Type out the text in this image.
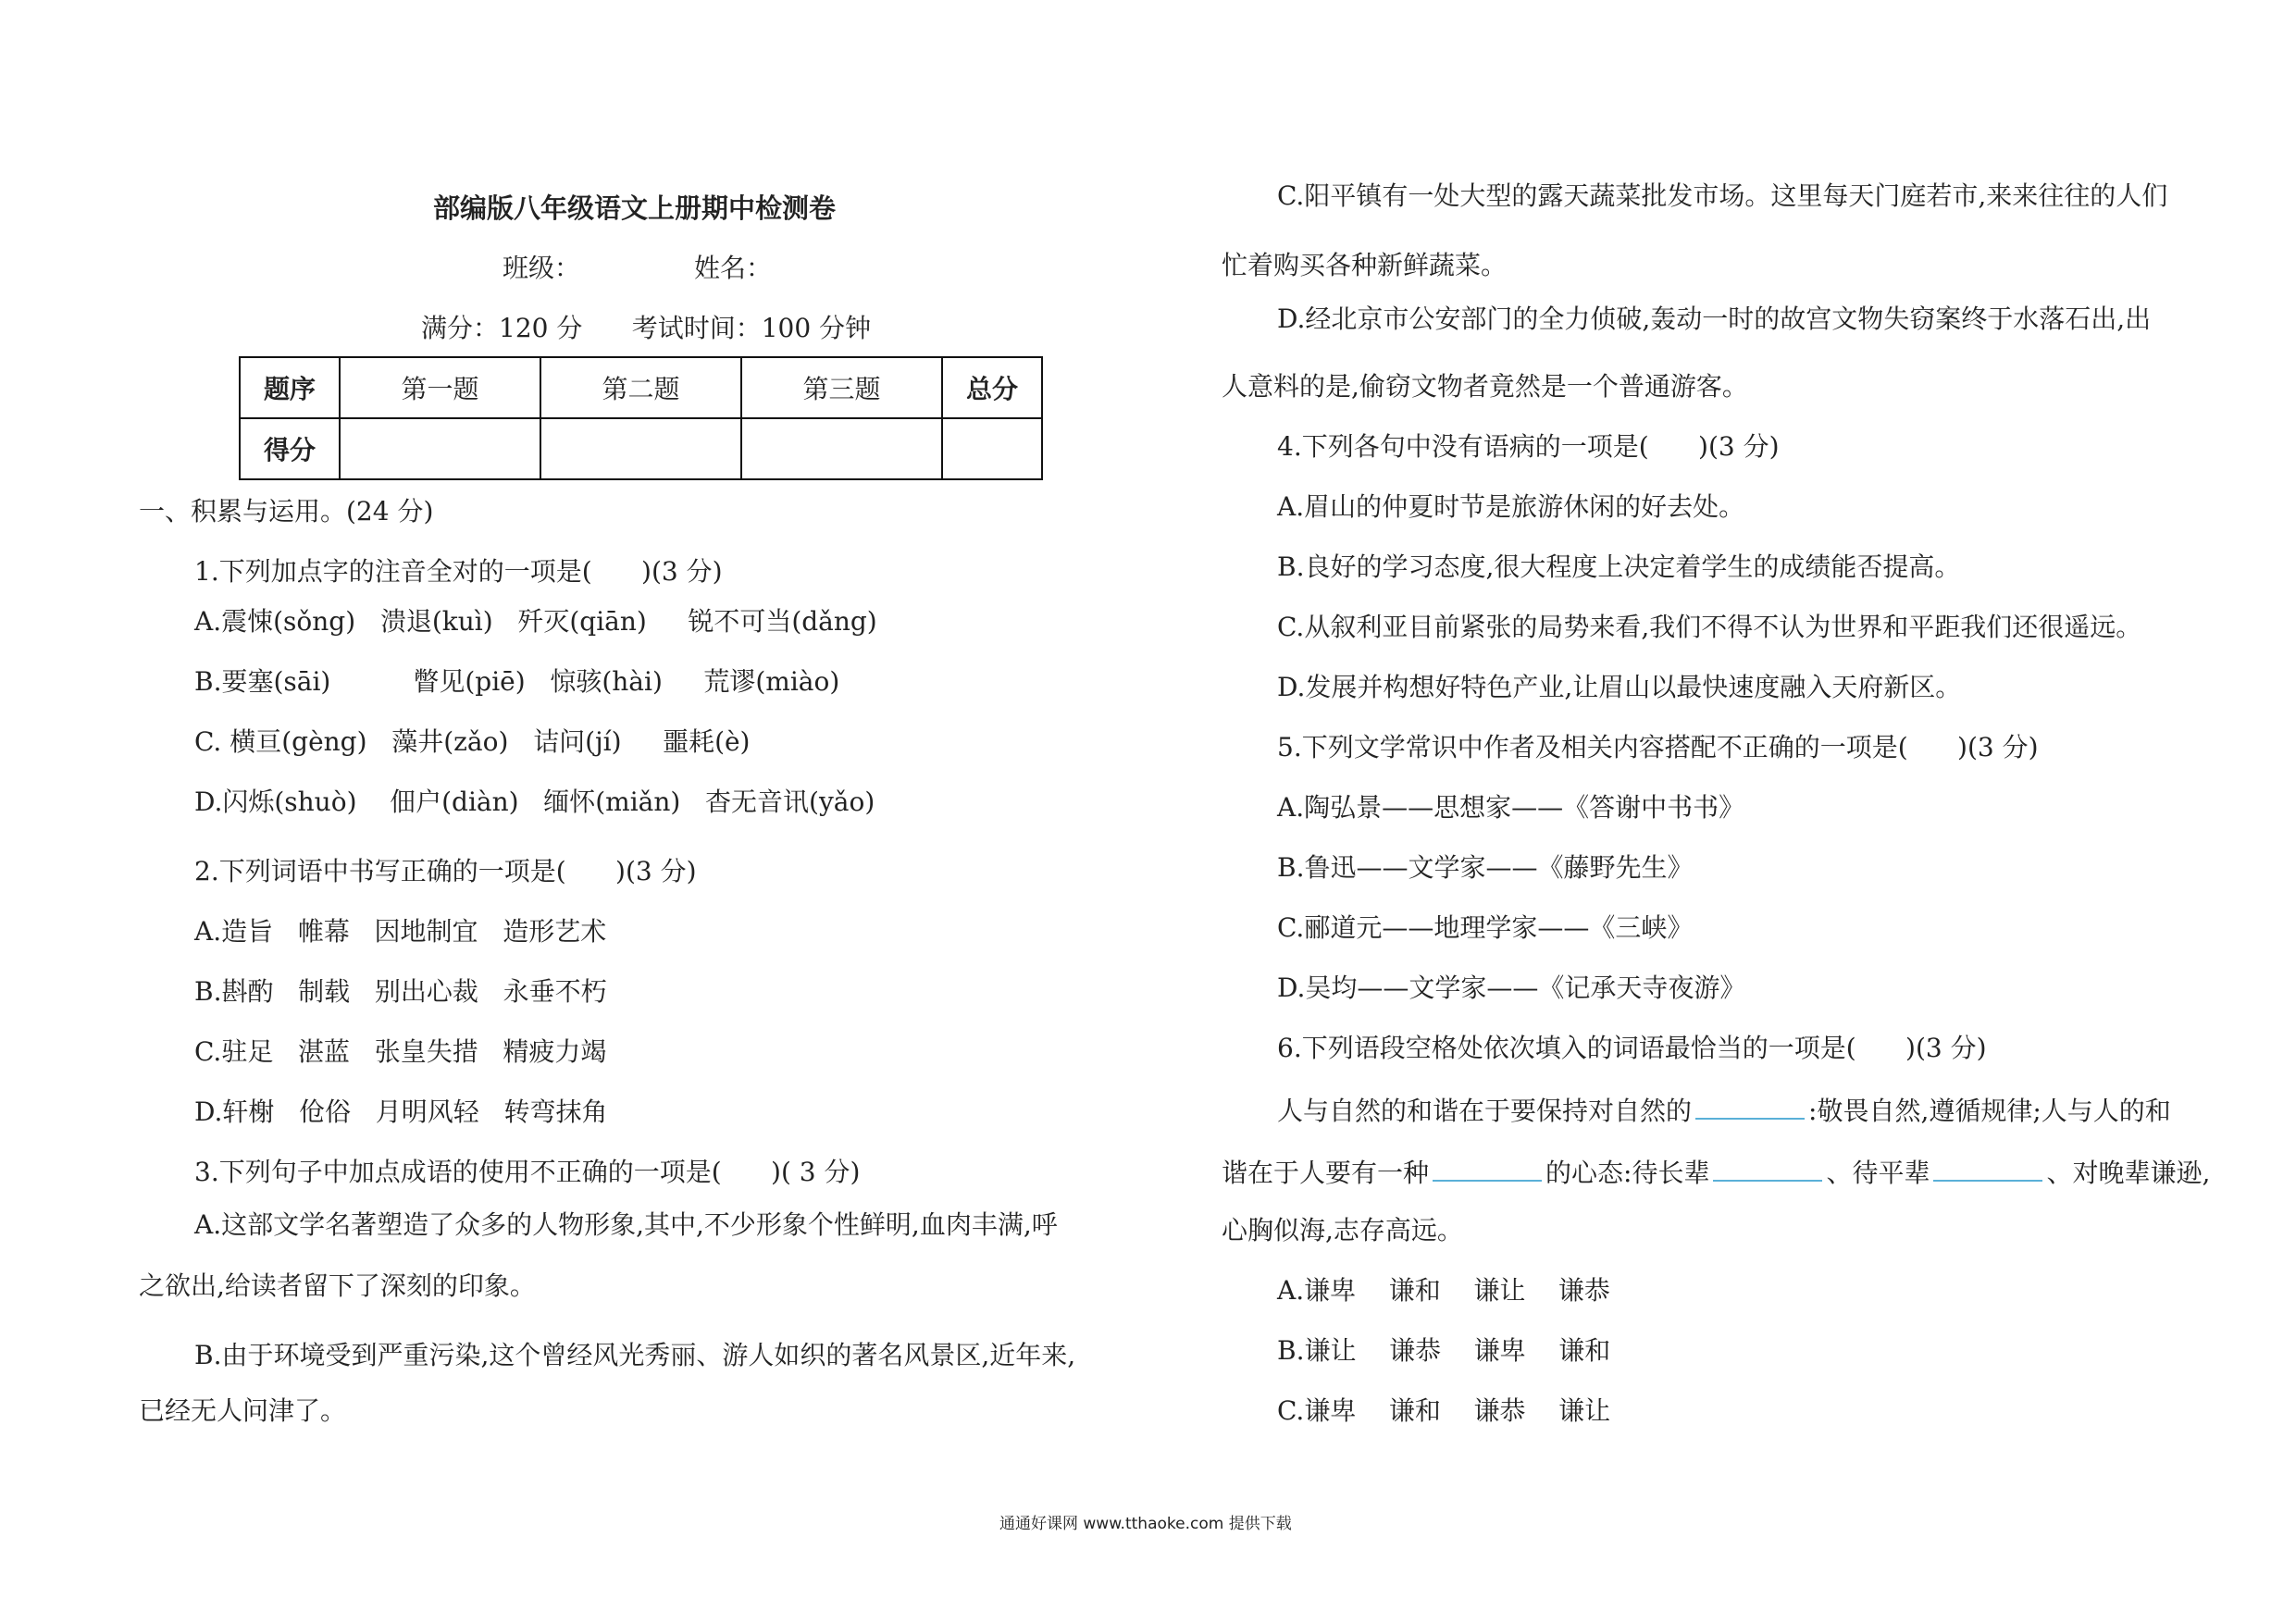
部编版八年级语文上册期中检测卷
班级：	姓名：
满分：120 分      考试时间：100 分钟
题序	第一题	第二题	第三题	总分
得分				
一、积累与运用。(24 分)
1.下列加点字的注音全对的一项是(      )(3 分)
A.震悚(sǒng)   溃退(kuì)   歼灭(qiān)     锐不可当(dǎng)
B.要塞(sāi)          瞥见(piē)   惊骇(hài)     荒谬(miào)
C. 横亘(gèng)   藻井(zǎo)   诘问(jí)     噩耗(è)
D.闪烁(shuò)    佃户(diàn)   缅怀(miǎn)   杳无音讯(yǎo)
2.下列词语中书写正确的一项是(      )(3 分)
A.造旨   帷幕   因地制宜   造形艺术
B.斟酌   制载   别出心裁   永垂不朽
C.驻足   湛蓝   张皇失措   精疲力竭
D.轩榭   伧俗   月明风轻   转弯抹角
3.下列句子中加点成语的使用不正确的一项是(      )( 3 分)
A.这部文学名著塑造了众多的人物形象,其中,不少形象个性鲜明,血肉丰满,呼
之欲出,给读者留下了深刻的印象。
B.由于环境受到严重污染,这个曾经风光秀丽、游人如织的著名风景区,近年来,
已经无人问津了。
C.阳平镇有一处大型的露天蔬菜批发市场。这里每天门庭若市,来来往往的人们
忙着购买各种新鲜蔬菜。
D.经北京市公安部门的全力侦破,轰动一时的故宫文物失窃案终于水落石出,出
人意料的是,偷窃文物者竟然是一个普通游客。
4.下列各句中没有语病的一项是(      )(3 分)
A.眉山的仲夏时节是旅游休闲的好去处。
B.良好的学习态度,很大程度上决定着学生的成绩能否提高。
C.从叙利亚目前紧张的局势来看,我们不得不认为世界和平距我们还很遥远。
D.发展并构想好特色产业,让眉山以最快速度融入天府新区。
5.下列文学常识中作者及相关内容搭配不正确的一项是(      )(3 分)
A.陶弘景——思想家——《答谢中书书》
B.鲁迅——文学家——《藤野先生》
C.郦道元——地理学家——《三峡》
D.吴均——文学家——《记承天寺夜游》
6.下列语段空格处依次填入的词语最恰当的一项是(      )(3 分)
人与自然的和谐在于要保持对自然的	:敬畏自然,遵循规律;人与人的和
谐在于人要有一种	的心态:待长辈	、待平辈	、对晚辈谦逊,
心胸似海,志存高远。
A.谦卑    谦和    谦让    谦恭
B.谦让    谦恭    谦卑    谦和
C.谦卑    谦和    谦恭    谦让
通通好课网 www.tthaoke.com 提供下载
